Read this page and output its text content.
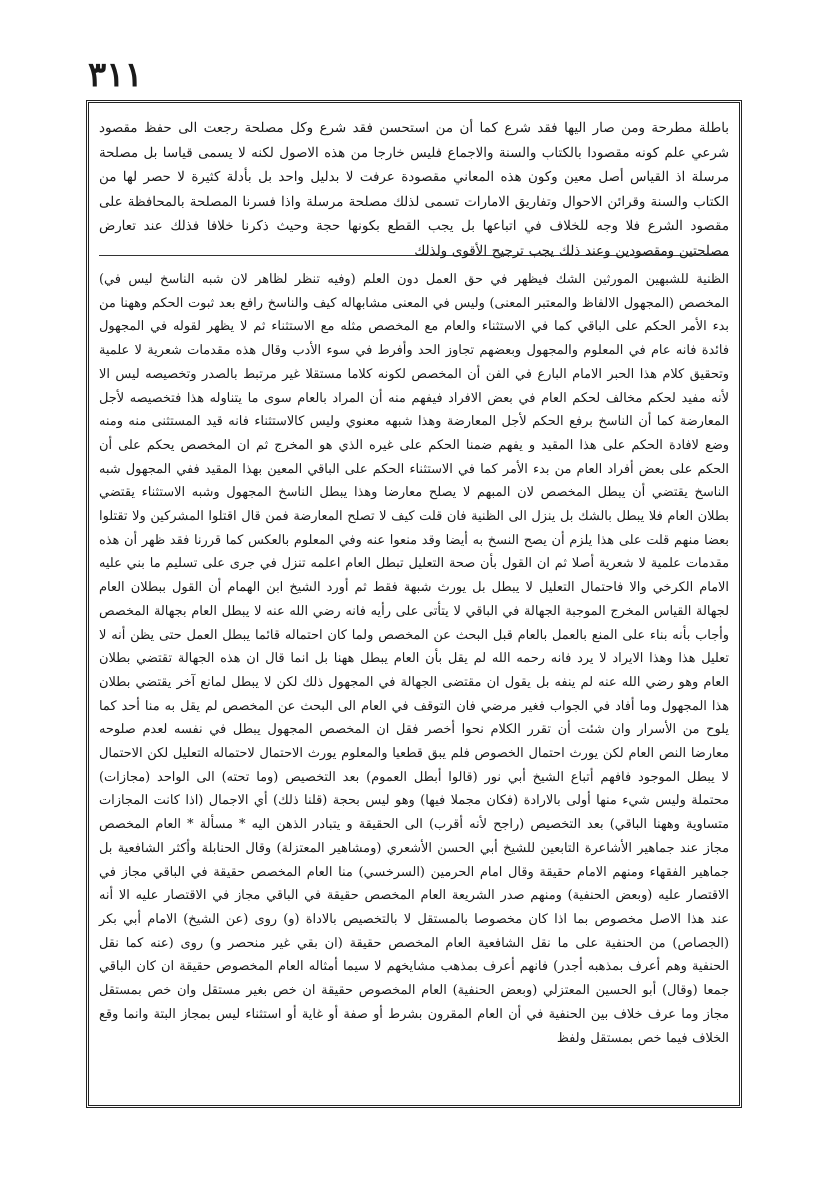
٣١١
باطلة مطرحة ومن صار اليها فقد شرع كما أن من استحسن فقد شرع وكل مصلحة رجعت الى حفظ مقصود شرعي علم كونه مقصودا بالكتاب والسنة والاجماع فليس خارجا من هذه الاصول لكنه لا يسمى قياسا بل مصلحة مرسلة اذ القياس أصل معين وكون هذه المعاني مقصودة عرفت لا بدليل واحد بل بأدلة كثيرة لا حصر لها من الكتاب والسنة وقرائن الاحوال وتفاريق الامارات تسمى لذلك مصلحة مرسلة واذا فسرنا المصلحة بالمحافظة على مقصود الشرع فلا وجه للخلاف في اتباعها بل يجب القطع بكونها حجة وحيث ذكرنا خلافا فذلك عند تعارض مصلحتين ومقصودين وعند ذلك يجب ترجيح الأقوى ولذلك
الظنية للشبهين المورثين الشك فيظهر في حق العمل دون العلم (وفيه تنظر لظاهر لان شبه الناسخ ليس في) المخصص (المجهول الالفاظ والمعتبر المعنى) وليس في المعنى مشابهاله كيف والناسخ رافع بعد ثبوت الحكم وههنا من بدء الأمر الحكم على الباقي كما في الاستثناء والعام مع المخصص مثله مع الاستثناء ثم لا يظهر لقوله في المجهول فائدة فانه عام في المعلوم والمجهول وبعضهم تجاوز الحد وأفرط في سوء الأدب وقال هذه مقدمات شعرية لا علمية وتحقيق كلام هذا الحبر الامام البارع في الفن أن المخصص لكونه كلاما مستقلا غير مرتبط بالصدر وتخصيصه ليس الا لأنه مفيد لحكم مخالف لحكم العام في بعض الافراد فيفهم منه أن المراد بالعام سوى ما يتناوله هذا فتخصيصه لأجل المعارضة كما أن الناسخ برفع الحكم لأجل المعارضة وهذا شبهه معنوي وليس كالاستثناء فانه قيد المستثنى منه ومنه وضع لافادة الحكم على هذا المقيد و يفهم ضمنا الحكم على غيره الذي هو المخرج ثم ان المخصص يحكم على أن الحكم على بعض أفراد العام من بدء الأمر كما في الاستثناء الحكم على الباقي المعين بهذا المقيد ففي المجهول شبه الناسخ يقتضي أن يبطل المخصص لان المبهم لا يصلح معارضا وهذا يبطل الناسخ المجهول وشبه الاستثناء يقتضي بطلان العام فلا يبطل بالشك بل ينزل الى الظنية فان قلت كيف لا تصلح المعارضة فمن قال اقتلوا المشركين ولا تقتلوا بعضا منهم قلت على هذا يلزم أن يصح النسخ به أيضا وقد منعوا عنه وفي المعلوم بالعكس كما قررنا فقد ظهر أن هذه مقدمات علمية لا شعرية أصلا ثم ان القول بأن صحة التعليل تبطل العام اعلمه تنزل في جرى على تسليم ما بني عليه الامام الكرخي والا فاحتمال التعليل لا يبطل بل يورث شبهة فقط ثم أورد الشيخ ابن الهمام أن القول ببطلان العام لجهالة القياس المخرج الموجبة الجهالة في الباقي لا يتأتى على رأيه فانه رضي الله عنه لا يبطل العام بجهالة المخصص وأجاب بأنه بناء على المنع بالعمل بالعام قبل البحث عن المخصص ولما كان احتماله قائما يبطل العمل حتى يظن أنه لا تعليل هذا وهذا الايراد لا يرد فانه رحمه الله لم يقل بأن العام يبطل ههنا بل انما قال ان هذه الجهالة تقتضي بطلان العام وهو رضي الله عنه لم ينفه بل يقول ان مقتضى الجهالة في المجهول ذلك لكن لا يبطل لمانع آخر يقتضي بطلان هذا المجهول وما أفاد في الجواب فغير مرضي فان التوقف في العام الى البحث عن المخصص لم يقل به منا أحد كما يلوح من الأسرار وان شئت أن تقرر الكلام نحوا أخصر فقل ان المخصص المجهول يبطل في نفسه لعدم صلوحه معارضا النص العام لكن يورث احتمال الخصوص فلم يبق قطعيا والمعلوم يورث الاحتمال لاحتماله التعليل لكن الاحتمال لا يبطل الموجود فافهم أتباع الشيخ أبي نور (قالوا أبطل العموم) بعد التخصيص (وما تحته) الى الواحد (مجازات) محتملة وليس شيء منها أولى بالارادة (فكان مجملا فيها) وهو ليس بحجة (قلنا ذلك) أي الاجمال (اذا كانت المجازات متساوية وههنا الباقي) بعد التخصيص (راجح لأنه أقرب) الى الحقيقة و يتبادر الذهن اليه * مسألة * العام المخصص مجاز عند جماهير الأشاعرة التابعين للشيخ أبي الحسن الأشعري (ومشاهير المعتزلة) وقال الحنابلة وأكثر الشافعية بل جماهير الفقهاء ومنهم الامام حقيقة وقال امام الحرمين (السرخسي) منا العام المخصص حقيقة في الباقي مجاز في الاقتصار عليه (وبعض الحنفية) ومنهم صدر الشريعة العام المخصص حقيقة في الباقي مجاز في الاقتصار عليه الا أنه عند هذا الاصل مخصوص بما اذا كان مخصوصا بالمستقل لا بالتخصيص بالاداة (و) روى (عن الشيخ) الامام أبي بكر (الجصاص) من الحنفية على ما نقل الشافعية العام المخصص حقيقة (ان بقي غير منحصر و) روى (عنه كما نقل الحنفية وهم أعرف بمذهبه أجدر) فانهم أعرف بمذهب مشايخهم لا سيما أمثاله العام المخصوص حقيقة ان كان الباقي جمعا (وقال) أبو الحسين المعتزلي (وبعض الحنفية) العام المخصوص حقيقة ان خص بغير مستقل وان خص بمستقل مجاز وما عرف خلاف بين الحنفية في أن العام المقرون بشرط أو صفة أو غاية أو استثناء ليس بمجاز البتة وانما وقع الخلاف فيما خص بمستقل ولفظ
